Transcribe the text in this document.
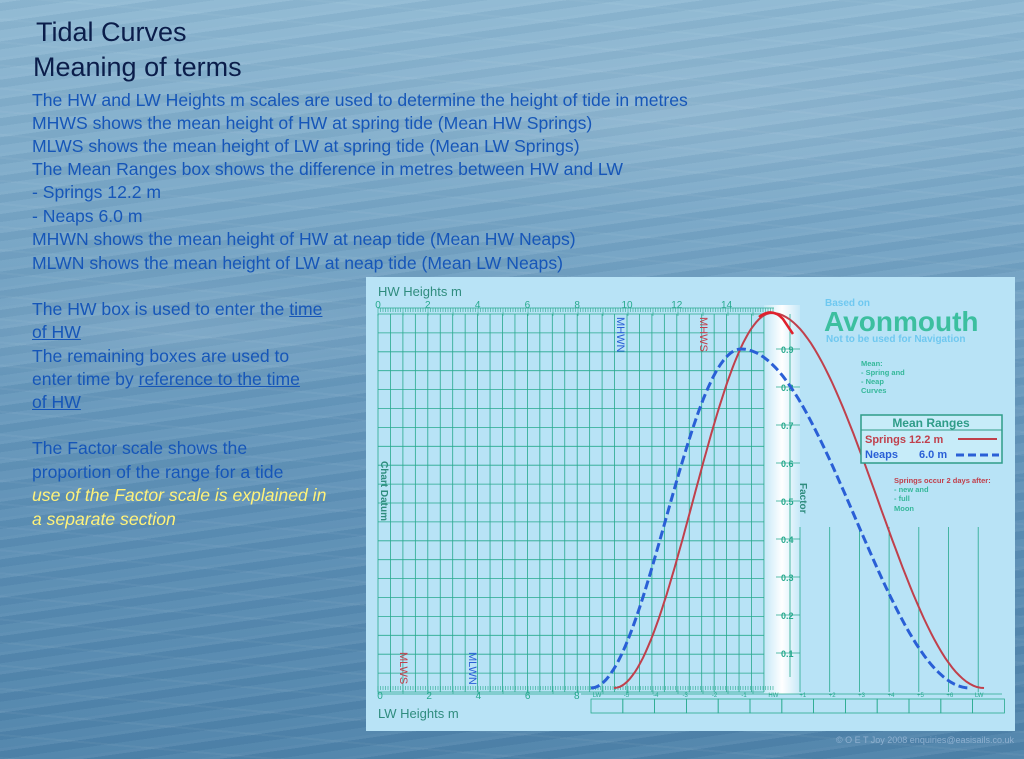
Tidal Curves
Meaning of terms
The HW and LW Heights m scales are used to determine the height of tide in metres
MHWS shows the mean height of HW at spring tide (Mean HW Springs)
MLWS shows the mean height of LW at spring tide (Mean LW Springs)
The Mean Ranges box shows the difference in metres between HW and LW
- Springs 12.2 m
- Neaps 6.0 m
MHWN shows the mean height of HW at neap tide (Mean HW Neaps)
MLWN shows the mean height of LW at neap tide (Mean LW Neaps)
The HW box is used to enter the time
of HW
The remaining boxes are used to
enter time by reference to the time
of HW
The Factor scale shows the
proportion of the range for a tide
use of the Factor scale is explained in
a separate section
0	2	4	6	8	10	12	14
0	2	4	6	8
0.9
0.8
0.7
0.6
0.5
0.4
0.3
0.2
0.1
LW	-5	-4	-3	-2	-1	HW	+1	+2	+3	+4	+5	+6	LW
HW Heights m
LW Heights m
Chart Datum	Factor
MHWN	MHWS
MLWS	MLWN
Based on
Avonmouth
Not to be used for Navigation
Mean:
- Spring and
- Neap
Curves
Mean Ranges
Springs 12.2 m
Neaps 6.0 m
Springs occur 2 days after:
- new and
- full
Moon
© O E T Joy 2008 enquiries@easisails.co.uk
